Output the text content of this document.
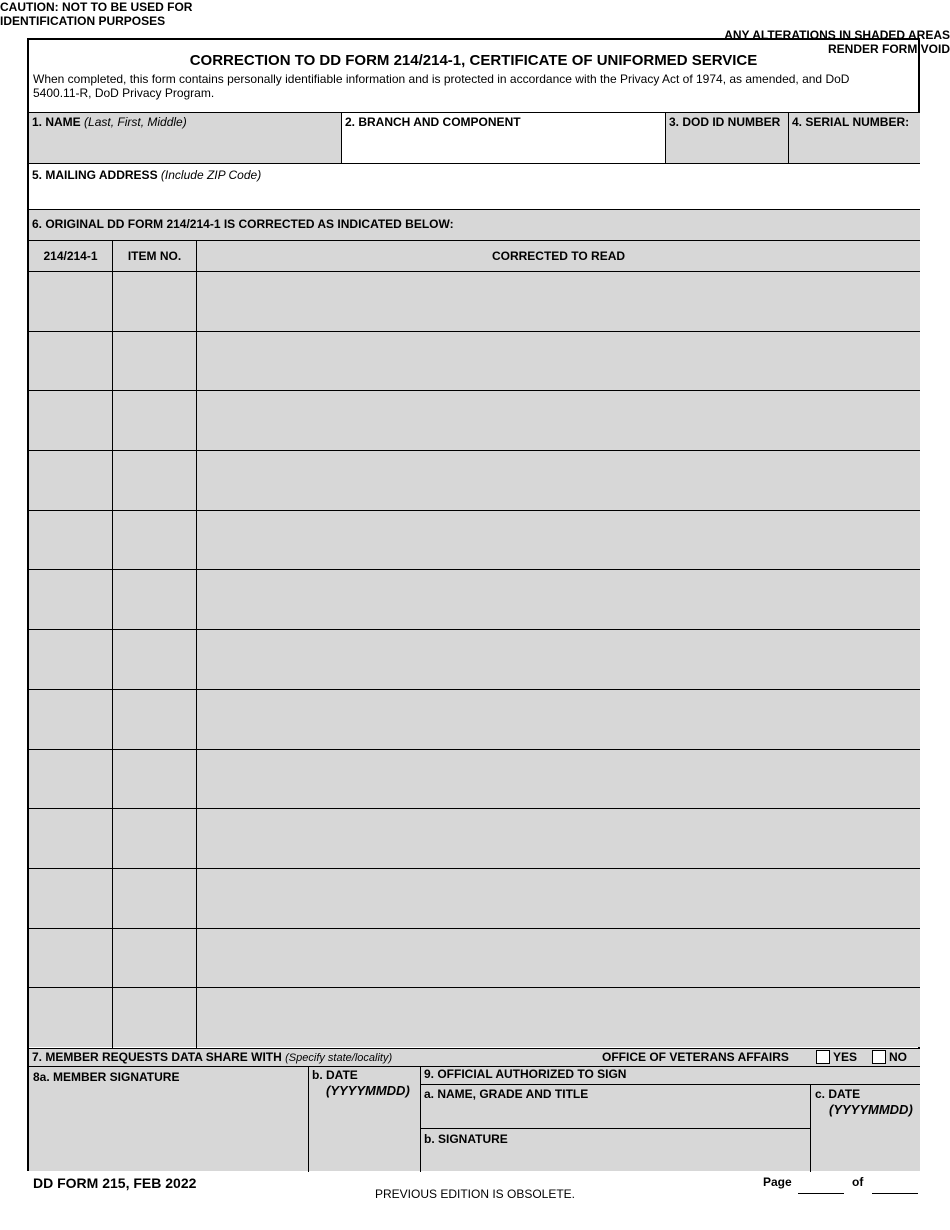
CAUTION: NOT TO BE USED FOR
IDENTIFICATION PURPOSES
ANY ALTERATIONS IN SHADED AREAS
RENDER FORM VOID
CORRECTION TO DD FORM 214/214-1, CERTIFICATE OF UNIFORMED SERVICE
When completed, this form contains personally identifiable information and is protected in accordance with the Privacy Act of 1974, as amended, and DoD 5400.11-R, DoD Privacy Program.
1. NAME (Last, First, Middle)	2. BRANCH AND COMPONENT	3. DOD ID NUMBER 4. SERIAL NUMBER:
5. MAILING ADDRESS (Include ZIP Code)
6. ORIGINAL DD FORM 214/214-1 IS CORRECTED AS INDICATED BELOW:
214/214-1	ITEM NO.	CORRECTED TO READ
7. MEMBER REQUESTS DATA SHARE WITH (Specify state/locality)	OFFICE OF VETERANS AFFAIRS	YES	NO
8a. MEMBER SIGNATURE	b. DATE
(YYYYMMDD)
9. OFFICIAL AUTHORIZED TO SIGN
a. NAME, GRADE AND TITLE
b. SIGNATURE
c. DATE
(YYYYMMDD)
DD FORM 215, FEB 2022
PREVIOUS EDITION IS OBSOLETE.
Page	of
